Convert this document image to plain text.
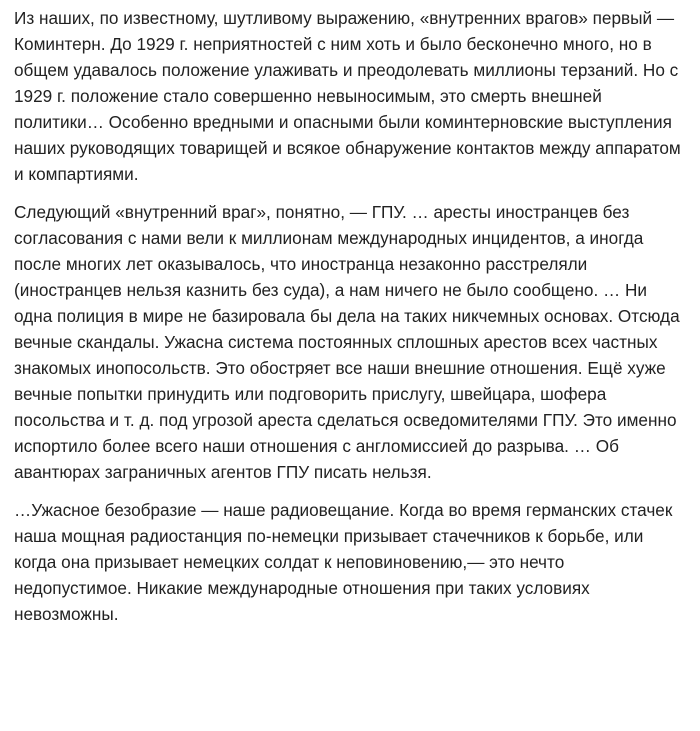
Из наших, по известному, шутливому выражению, «внутренних врагов» первый — Коминтерн. До 1929 г. неприятностей с ним хоть и было бесконечно много, но в общем удавалось положение улаживать и преодолевать миллионы терзаний. Но с 1929 г. положение стало совершенно невыносимым, это смерть внешней политики… Особенно вредными и опасными были коминтерновские выступления наших руководящих товарищей и всякое обнаружение контактов между аппаратом и компартиями.

Следующий «внутренний враг», понятно, — ГПУ. … аресты иностранцев без согласования с нами вели к миллионам международных инцидентов, а иногда после многих лет оказывалось, что иностранца незаконно расстреляли (иностранцев нельзя казнить без суда), а нам ничего не было сообщено. … Ни одна полиция в мире не базировала бы дела на таких никчемных основах. Отсюда вечные скандалы. Ужасна система постоянных сплошных арестов всех частных знакомых инопосольств. Это обостряет все наши внешние отношения. Ещё хуже вечные попытки принудить или подговорить прислугу, швейцара, шофера посольства и т. д. под угрозой ареста сделаться осведомителями ГПУ. Это именно испортило более всего наши отношения с англомиссией до разрыва. … Об авантюрах заграничных агентов ГПУ писать нельзя.

…Ужасное безобразие — наше радиовещание. Когда во время германских стачек наша мощная радиостанция по-немецки призывает стачечников к борьбе, или когда она призывает немецких солдат к неповиновению,— это нечто недопустимое. Никакие международные отношения при таких условиях невозможны.
